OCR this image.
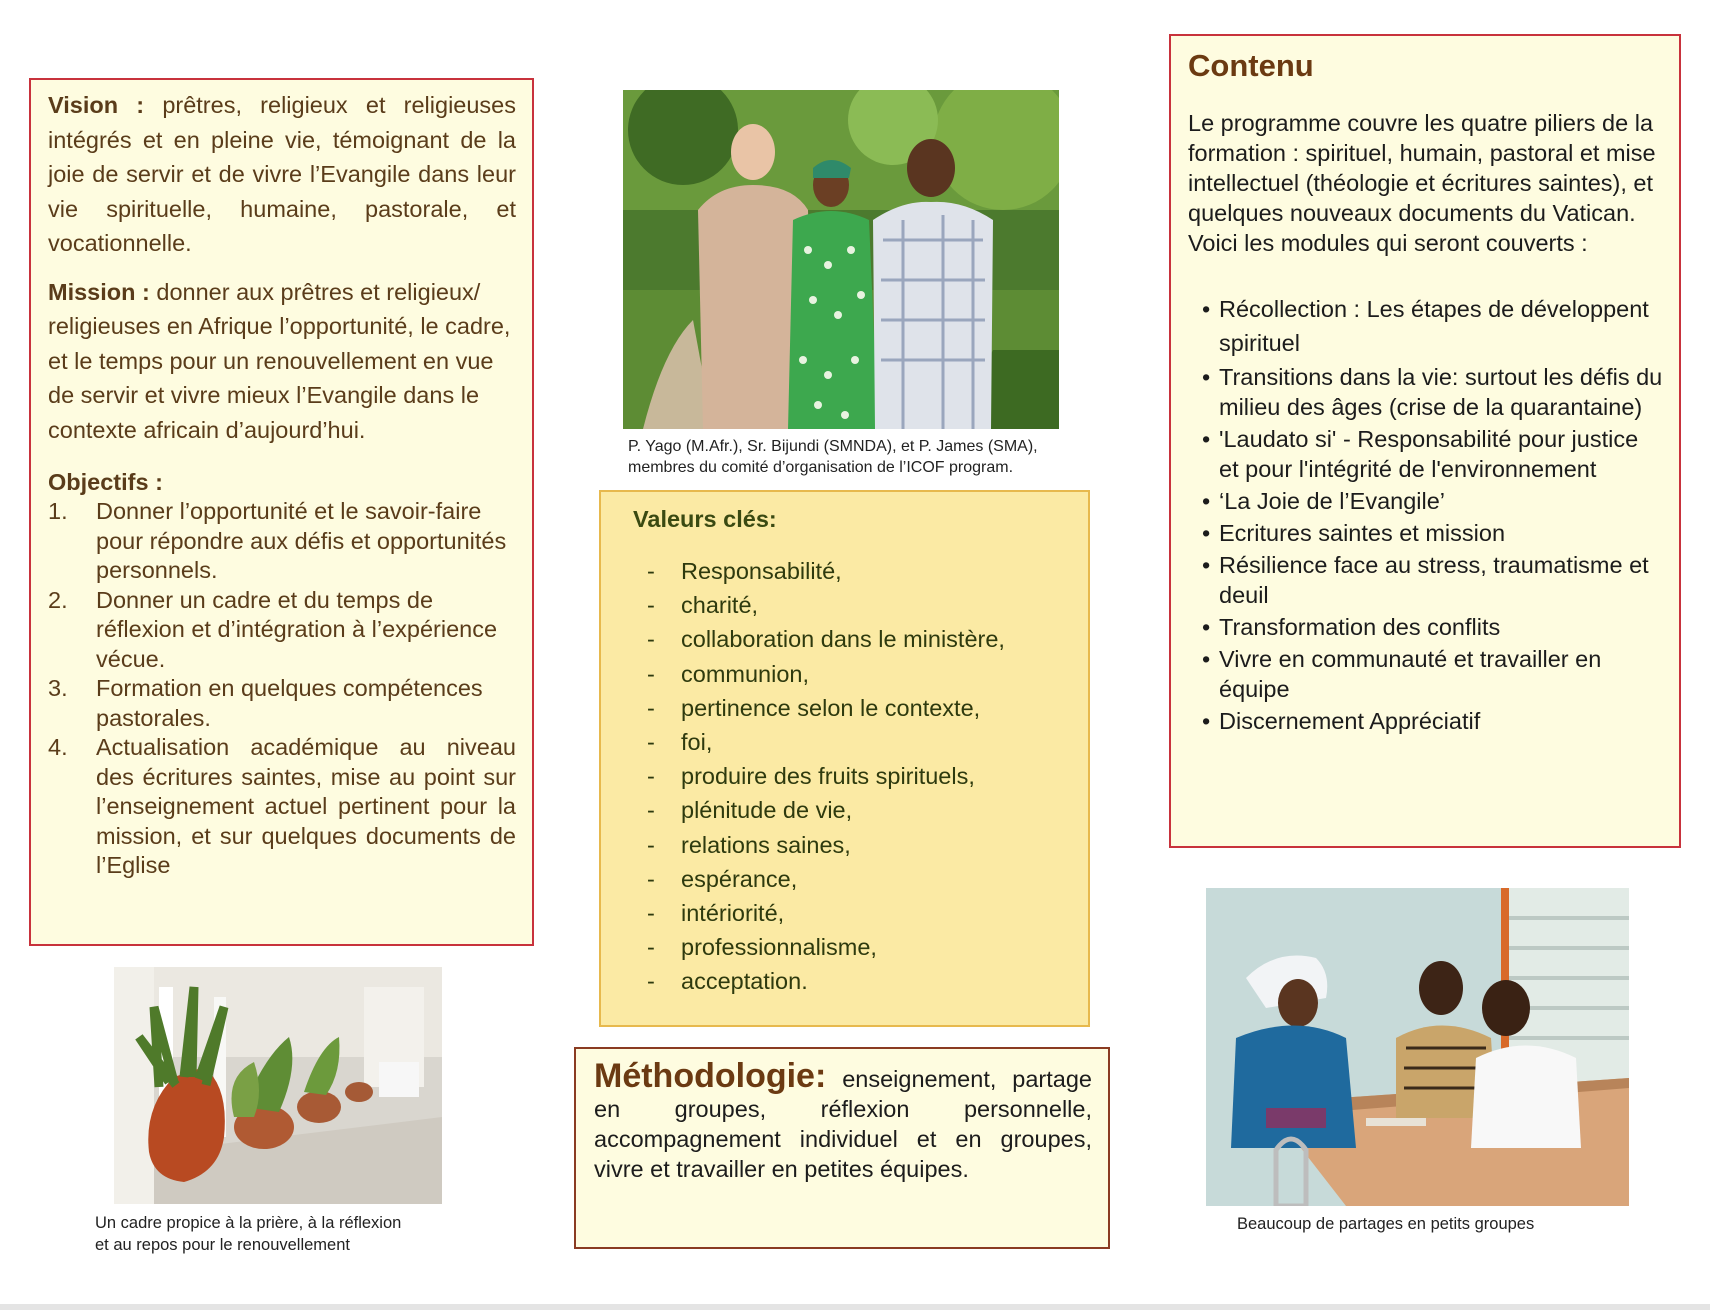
Vision : prêtres, religieux et religieuses intégrés et en pleine vie, témoignant de la joie de servir et de vivre l’Evangile dans leur vie spirituelle, humaine, pastorale, et vocationnelle.

Mission : donner aux prêtres et religieux/ religieuses en Afrique l’opportunité, le cadre, et le temps pour un renouvellement en vue de servir et vivre mieux l’Evangile dans le contexte africain d’aujourd’hui.

Objectifs :

1.	Donner l’opportunité et le savoir-faire pour répondre aux défis et opportunités personnels.
2.	Donner un cadre et du temps de réflexion et d’intégration à l’expérience vécue.
3.	Formation en quelques compétences pastorales.
4.	Actualisation académique au niveau des écritures saintes, mise au point sur l’enseignement actuel pertinent pour la mission, et sur quelques documents de l’Eglise
Un cadre propice à la prière, à la réflexion
et au repos pour le renouvellement
P. Yago (M.Afr.), Sr. Bijundi (SMNDA), et P. James (SMA),
membres du comité d’organisation de l’ICOF program.

Valeurs clés:

- Responsabilité,
- charité,
- collaboration dans le ministère,
- communion,
- pertinence selon le contexte,
- foi,
- produire des fruits spirituels,
- plénitude de vie,
- relations saines,
- espérance,
- intériorité,
- professionnalisme,
- acceptation.

Méthodologie: enseignement, partage en groupes, réflexion personnelle, accompagnement individuel et en groupes, vivre et travailler en petites équipes.

Contenu

Le programme couvre les quatre piliers de la formation : spirituel, humain, pastoral et mise intellectuel (théologie et écritures saintes), et quelques nouveaux documents du Vatican. Voici les modules qui seront couverts :

• Récollection : Les étapes de développent spirituel
• Transitions dans la vie: surtout les défis du milieu des âges (crise de la quarantaine)
• 'Laudato si' - Responsabilité pour justice et pour l'intégrité de l'environnement
• ‘La Joie de l’Evangile’
• Ecritures saintes et mission
• Résilience face au stress, traumatisme et deuil
• Transformation des conflits
• Vivre en communauté et travailler en équipe
• Discernement Appréciatif
Beaucoup de partages en petits groupes
